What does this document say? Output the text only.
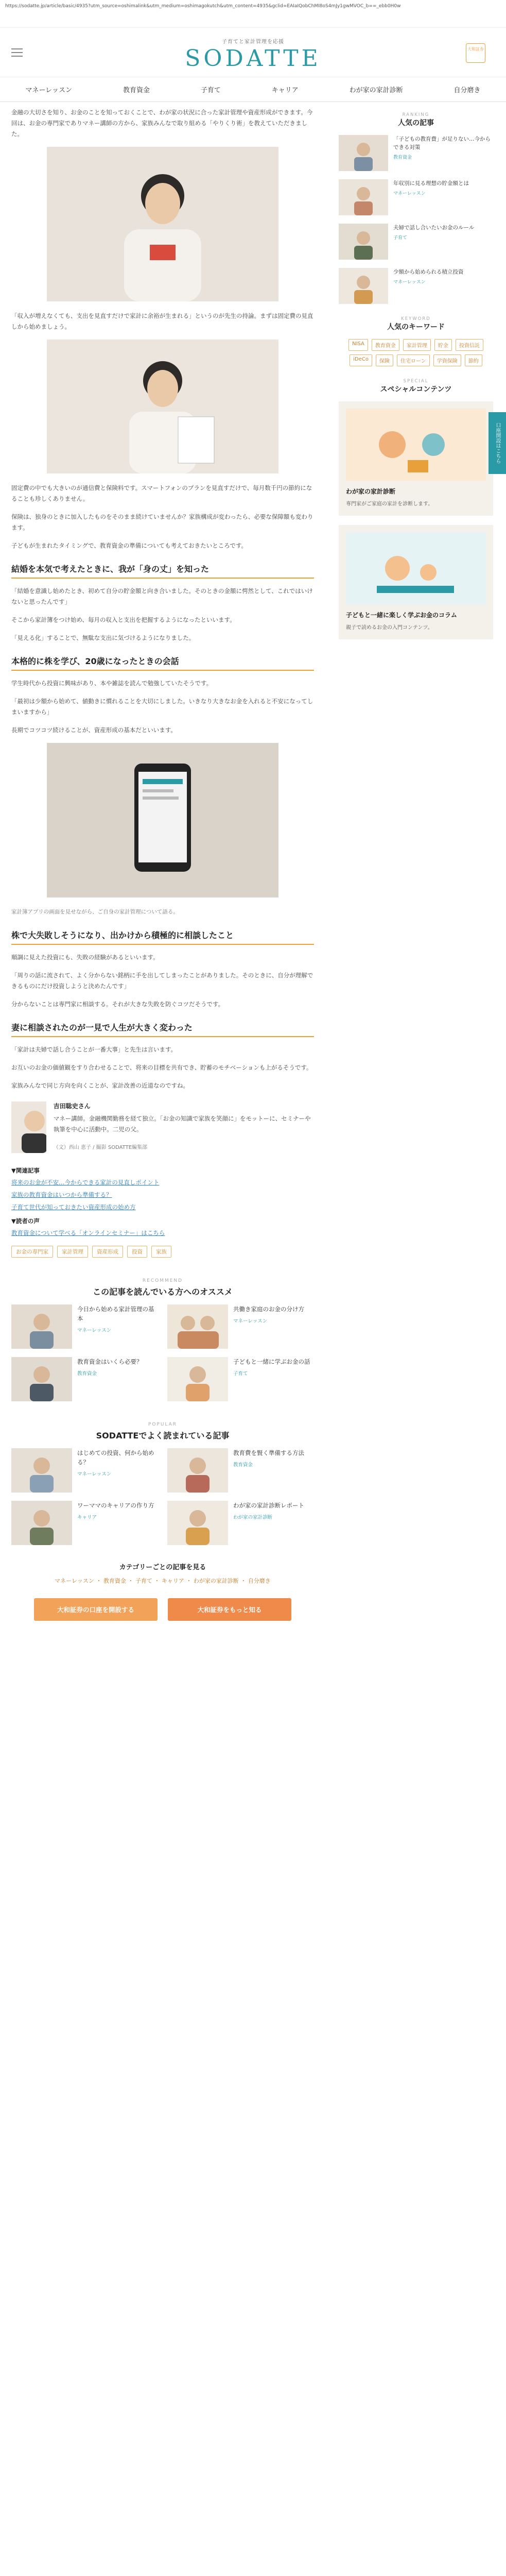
https://sodatte.jp/article/basic/4935?utm_source=oshimalink&utm_medium=oshimagokutch&utm_content=4935&gclid=EAIaIQobChMI8oS4mJy1gwMVOC_b==_ebb0H0w
子育てと家計管理を応援
SODATTE	大和証券
マネーレッスン	教育資金	子育て	キャリア	わが家の家計診断	自分磨き

金融の大切さを知り、お金のことを知っておくことで、わが家の状況に合った家計管理や資産形成ができます。今回は、お金の専門家でありマネー講師の方から、家族みんなで取り組める「やりくり術」を教えていただきました。

「収入が増えなくても、支出を見直すだけで家計に余裕が生まれる」というのが先生の持論。まずは固定費の見直しから始めましょう。

固定費の中でも大きいのが通信費と保険料です。スマートフォンのプランを見直すだけで、毎月数千円の節約になることも珍しくありません。

保険は、独身のときに加入したものをそのまま続けていませんか？家族構成が変わったら、必要な保障額も変わります。

子どもが生まれたタイミングで、教育資金の準備についても考えておきたいところです。

結婚を本気で考えたときに、我が「身の丈」を知った

「結婚を意識し始めたとき、初めて自分の貯金額と向き合いました。そのときの金額に愕然として、これではいけないと思ったんです」

そこから家計簿をつけ始め、毎月の収入と支出を把握するようになったといいます。

「見える化」することで、無駄な支出に気づけるようになりました。

本格的に株を学び、20歳になったときの会話

学生時代から投資に興味があり、本や雑誌を読んで勉強していたそうです。

「最初は少額から始めて、値動きに慣れることを大切にしました。いきなり大きなお金を入れると不安になってしまいますから」

長期でコツコツ続けることが、資産形成の基本だといいます。

家計簿アプリの画面を見せながら、ご自身の家計管理について語る。

株で大失敗しそうになり、出かけから積極的に相談したこと

順調に見えた投資にも、失敗の経験があるといいます。

「周りの話に流されて、よく分からない銘柄に手を出してしまったことがありました。そのときに、自分が理解できるものにだけ投資しようと決めたんです」

分からないことは専門家に相談する。それが大きな失敗を防ぐコツだそうです。

妻に相談されたのが一見で人生が大きく変わった

「家計は夫婦で話し合うことが一番大事」と先生は言います。

お互いのお金の価値観をすり合わせることで、将来の目標を共有でき、貯蓄のモチベーションも上がるそうです。

家族みんなで同じ方向を向くことが、家計改善の近道なのですね。

吉田聡史さん

マネー講師。金融機関勤務を経て独立。「お金の知識で家族を笑顔に」をモットーに、セミナーや執筆を中心に活動中。二児の父。

（文）西山 恵子 / 撮影 SODATTE編集部

▼関連記事
将来のお金が不安…今からできる家計の見直しポイント
家族の教育資金はいつから準備する？
子育て世代が知っておきたい資産形成の始め方
▼読者の声
教育資金について学べる「オンラインセミナー」はこちら
お金の専門家	家計管理	資産形成	投資	家族
RECOMMEND
この記事を読んでいる方へのオススメ
今日から始める家計管理の基本
マネーレッスン
共働き家庭のお金の分け方
マネーレッスン
教育資金はいくら必要？
教育資金
子どもと一緒に学ぶお金の話
子育て
POPULAR
SODATTEでよく読まれている記事
はじめての投資、何から始める？
マネーレッスン
教育費を賢く準備する方法
教育資金
ワーママのキャリアの作り方
キャリア
わが家の家計診断レポート
わが家の家計診断
カテゴリーごとの記事を見る
マネーレッスン ・ 教育資金 ・ 子育て ・ キャリア ・ わが家の家計診断 ・ 自分磨き
大和証券の口座を開設する	大和証券をもっと知る
RANKING
人気の記事
「子どもの教育費」が足りない…今からできる対策
教育資金
年収別に見る理想の貯金額とは
マネーレッスン
夫婦で話し合いたいお金のルール
子育て
少額から始められる積立投資
マネーレッスン
KEYWORD
人気のキーワード
NISA	教育資金	家計管理	貯金	投資信託
iDeCo	保険	住宅ローン	学資保険	節約
SPECIAL
スペシャルコンテンツ
わが家の家計診断
専門家がご家庭の家計を診断します。
子どもと一緒に楽しく学ぶお金のコラム
親子で読めるお金の入門コンテンツ。
口座開設はこちら
